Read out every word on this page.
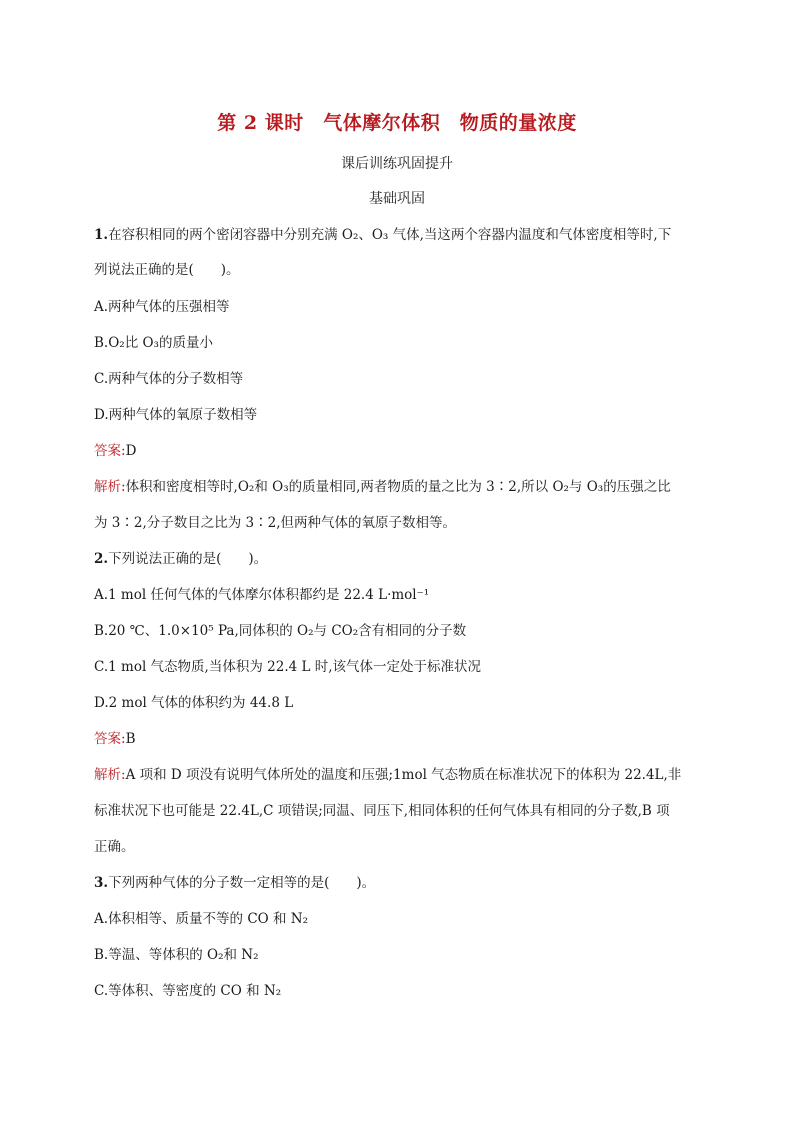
第 2 课时　气体摩尔体积　物质的量浓度
课后训练巩固提升
基础巩固
1.在容积相同的两个密闭容器中分别充满 O₂、O₃ 气体,当这两个容器内温度和气体密度相等时,下
列说法正确的是(　　)。
A.两种气体的压强相等
B.O₂比 O₃的质量小
C.两种气体的分子数相等
D.两种气体的氧原子数相等
答案:D
解析:体积和密度相等时,O₂和 O₃的质量相同,两者物质的量之比为 3∶2,所以 O₂与 O₃的压强之比
为 3∶2,分子数目之比为 3∶2,但两种气体的氧原子数相等。
2.下列说法正确的是(　　)。
A.1 mol 任何气体的气体摩尔体积都约是 22.4 L·mol⁻¹
B.20 ℃、1.0×10⁵ Pa,同体积的 O₂与 CO₂含有相同的分子数
C.1 mol 气态物质,当体积为 22.4 L 时,该气体一定处于标准状况
D.2 mol 气体的体积约为 44.8 L
答案:B
解析:A 项和 D 项没有说明气体所处的温度和压强;1mol 气态物质在标准状况下的体积为 22.4L,非
标准状况下也可能是 22.4L,C 项错误;同温、同压下,相同体积的任何气体具有相同的分子数,B 项
正确。
3.下列两种气体的分子数一定相等的是(　　)。
A.体积相等、质量不等的 CO 和 N₂
B.等温、等体积的 O₂和 N₂
C.等体积、等密度的 CO 和 N₂
